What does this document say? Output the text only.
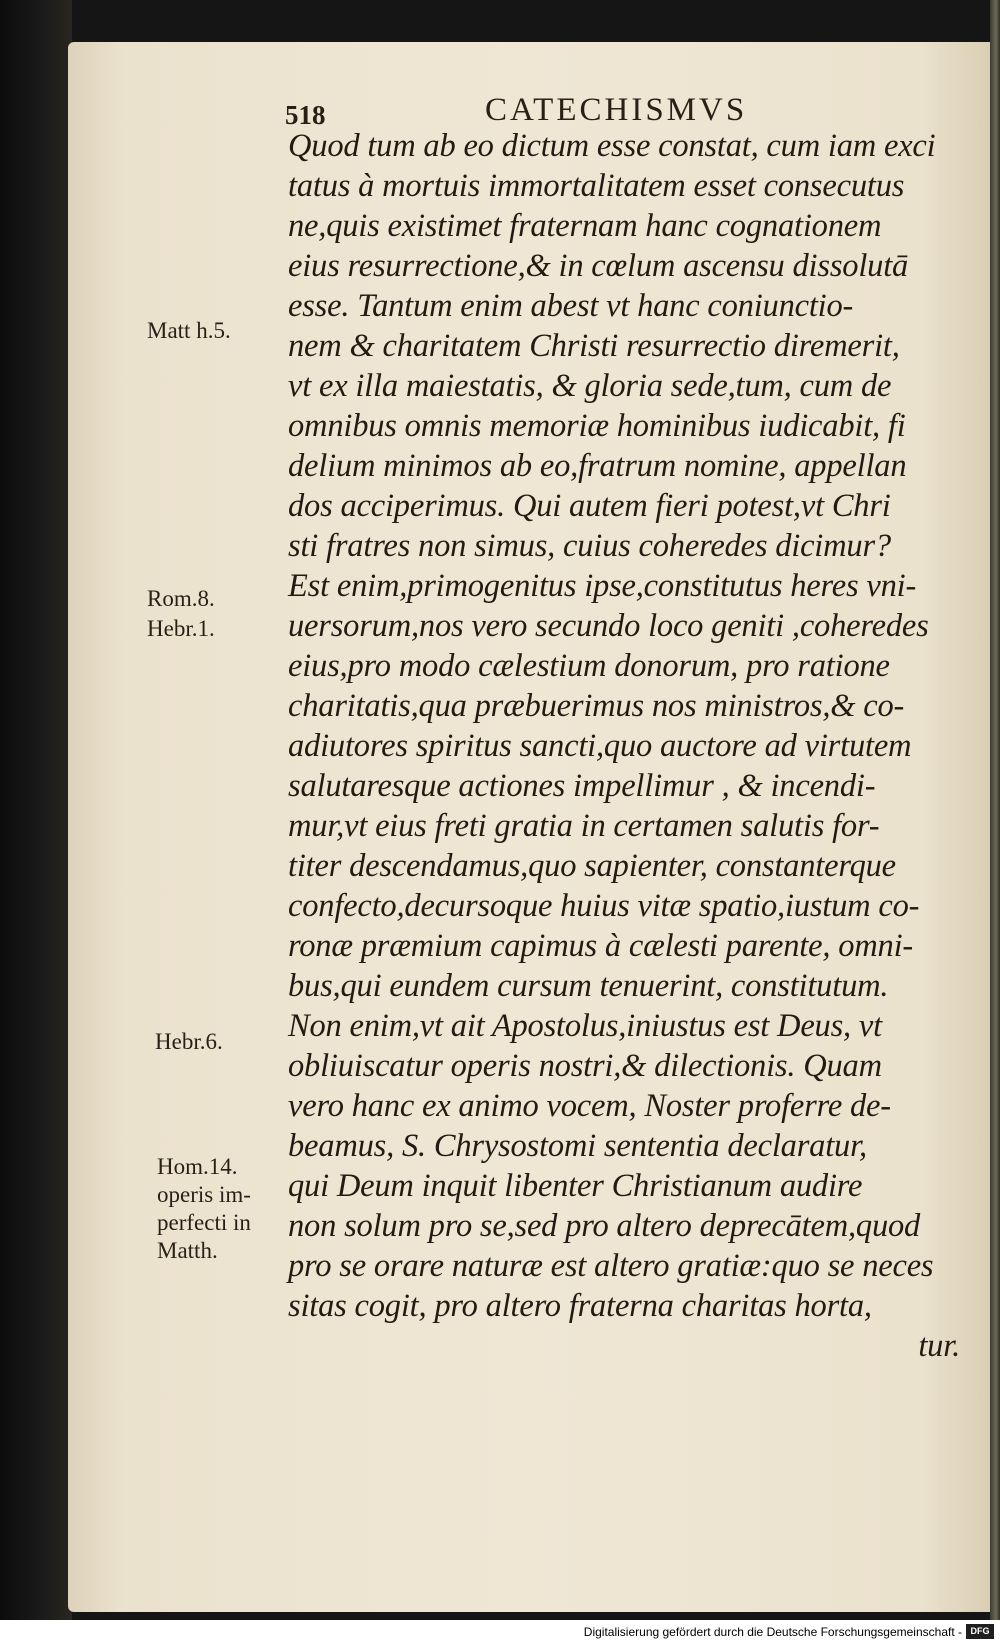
518	CATECHISMVS
Matt h.5.
Rom.8.
Hebr.1.
Hebr.6.
Hom.14.
operis im-
perfecti in
Matth.
Quod tum ab eo dictum esse constat, cum iam exci
tatus à mortuis immortalitatem esset consecutus
ne,quis existimet fraternam hanc cognationem
eius resurrectione,& in cœlum ascensu dissolutā
esse. Tantum enim abest vt hanc coniunctio-
nem & charitatem Christi resurrectio diremerit,
vt ex illa maiestatis, & gloria sede,tum, cum de
omnibus omnis memoriæ hominibus iudicabit, fi
delium minimos ab eo,fratrum nomine, appellan
dos acciperimus. Qui autem fieri potest,vt Chri
sti fratres non simus, cuius coheredes dicimur?
Est enim,primogenitus ipse,constitutus heres vni-
uersorum,nos vero secundo loco geniti ,coheredes
eius,pro modo cælestium donorum, pro ratione
charitatis,qua præbuerimus nos ministros,& co-
adiutores spiritus sancti,quo auctore ad virtutem
salutaresque actiones impellimur , & incendi-
mur,vt eius freti gratia in certamen salutis for-
titer descendamus,quo sapienter, constanterque
confecto,decursoque huius vitæ spatio,iustum co-
ronæ præmium capimus à cælesti parente, omni-
bus,qui eundem cursum tenuerint, constitutum.
Non enim,vt ait Apostolus,iniustus est Deus, vt
obliuiscatur operis nostri,& dilectionis. Quam
vero hanc ex animo vocem, Noster proferre de-
beamus, S. Chrysostomi sententia declaratur,
qui Deum inquit libenter Christianum audire
non solum pro se,sed pro altero deprecātem,quod
pro se orare naturæ est altero gratiæ:quo se neces
sitas cogit, pro altero fraterna charitas horta,
tur.
Digitalisierung gefördert durch die Deutsche Forschungsgemeinschaft - DFG
